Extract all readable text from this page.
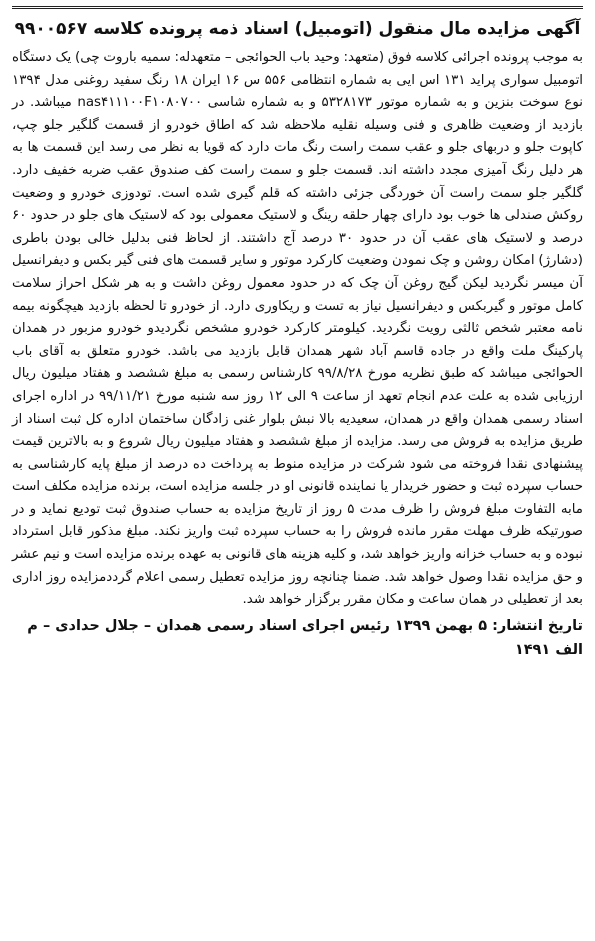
آگهی مزایده مال منقول (اتومبیل) اسناد ذمه پرونده کلاسه ۹۹۰۰۵۶۷

به موجب پرونده اجرائی کلاسه فوق (متعهد: وحید باب الحوائجی – متعهدله: سمیه باروت چی) یک دستگاه اتومبیل سواری پراید ۱۳۱ اس ایی به شماره انتظامی ۵۵۶ س ۱۶ ایران ۱۸ رنگ سفید روغنی مدل ۱۳۹۴ نوع سوخت بنزین و به شماره موتور ۵۳۲۸۱۷۳ و به شماره شاسی nas۴۱۱۱۰۰F۱۰۸۰۷۰۰ میباشد. در بازدید از وضعیت ظاهری و فنی وسیله نقلیه ملاحظه شد که اطاق خودرو از قسمت گلگیر جلو چپ، کاپوت جلو و دربهای جلو و عقب سمت راست رنگ مات دارد که قویا به نظر می رسد این قسمت ها به هر دلیل رنگ آمیزی مجدد داشته اند. قسمت جلو و سمت راست کف صندوق عقب ضربه خفیف دارد. گلگیر جلو سمت راست آن خوردگی جزئی داشته که قلم گیری شده است. تودوزی خودرو و وضعیت روکش صندلی ها خوب بود دارای چهار حلقه رینگ و لاستیک معمولی بود که لاستیک های جلو در حدود ۶۰ درصد و لاستیک های عقب آن در حدود ۳۰ درصد آج داشتند. از لحاظ فنی بدلیل خالی بودن باطری (دشارژ) امکان روشن و چک نمودن وضعیت کارکرد موتور و سایر قسمت های فنی گیر بکس و دیفرانسیل آن میسر نگردید لیکن گیج روغن آن چک که در حدود معمول روغن داشت و به هر شکل احراز سلامت کامل موتور و گیربکس و دیفرانسیل نیاز به تست و ریکاوری دارد. از خودرو تا لحظه بازدید هیچگونه بیمه نامه معتبر شخص ثالثی رویت نگردید. کیلومتر کارکرد خودرو مشخص نگردیدو خودرو مزبور در همدان پارکینگ ملت واقع در جاده قاسم آباد شهر همدان قابل بازدید می باشد. خودرو متعلق به آقای باب الحوائجی میباشد که طبق نظریه مورخ ۹۹/۸/۲۸ کارشناس رسمی به مبلغ ششصد و هفتاد میلیون ریال ارزیابی شده به علت عدم انجام تعهد از ساعت ۹ الی ۱۲ روز سه شنبه مورخ ۹۹/۱۱/۲۱ در اداره اجرای اسناد رسمی همدان واقع در همدان، سعیدیه بالا نبش بلوار غنی زادگان ساختمان اداره کل ثبت اسناد از طریق مزایده به فروش می رسد. مزایده از مبلغ ششصد و هفتاد میلیون ریال شروع و به بالاترین قیمت پیشنهادی نقدا فروخته می شود شرکت در مزایده منوط به پرداخت ده درصد از مبلغ پایه کارشناسی به حساب سپرده ثبت و حضور خریدار یا نماینده قانونی او در جلسه مزایده است، برنده مزایده مکلف است مابه التفاوت مبلغ فروش را ظرف مدت ۵ روز از تاریخ مزایده به حساب صندوق ثبت تودیع نماید و در صورتیکه ظرف مهلت مقرر مانده فروش را به حساب سپرده ثبت واریز نکند. مبلغ مذکور قابل استرداد نبوده و به حساب خزانه واریز خواهد شد، و کلیه هزینه های قانونی به عهده برنده مزایده است و نیم عشر و حق مزایده نقدا وصول خواهد شد. ضمنا چنانچه روز مزایده تعطیل رسمی اعلام گرددمزایده روز اداری بعد از تعطیلی در همان ساعت و مکان مقرر برگزار خواهد شد.

تاریخ انتشار: ۵ بهمن ۱۳۹۹ رئیس اجرای اسناد رسمی همدان – جلال حدادی – م الف ۱۴۹۱
